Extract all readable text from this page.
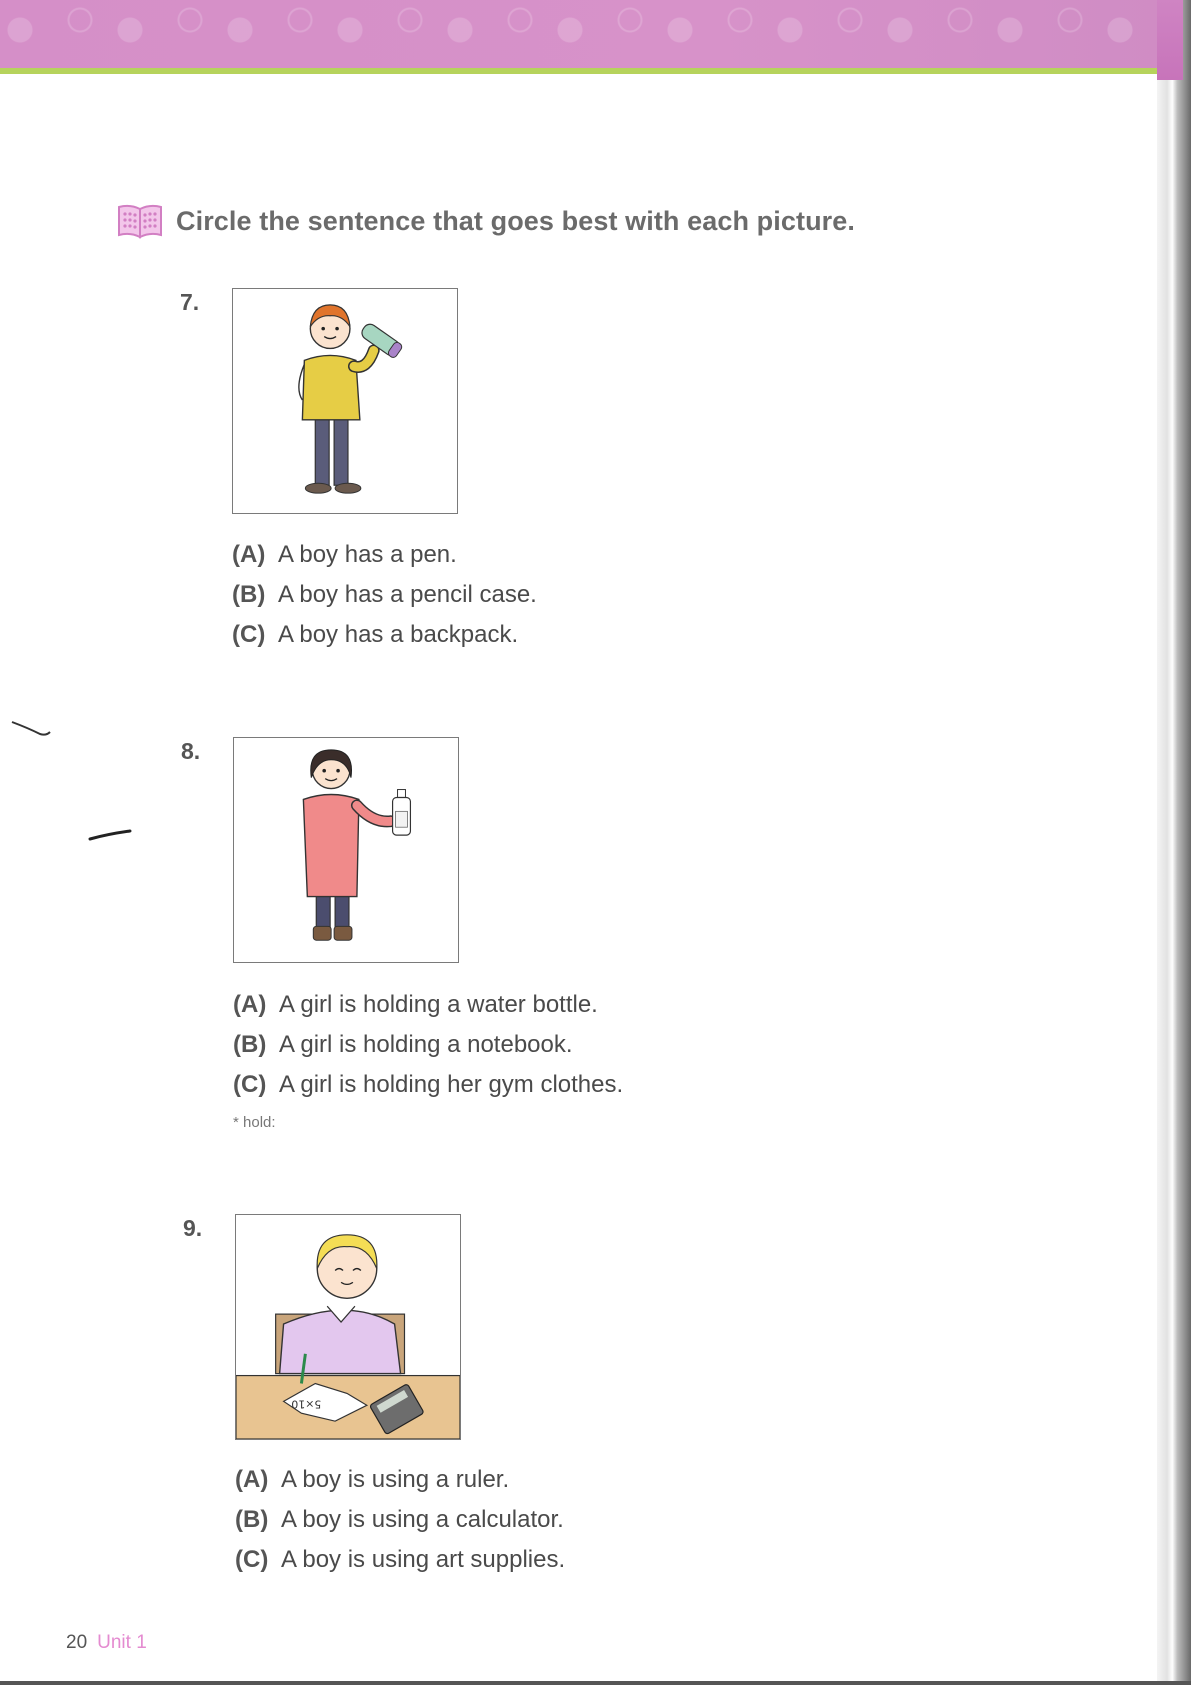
Circle the sentence that goes best with each picture.
7.
(A) A boy has a pen.
(B) A boy has a pencil case.
(C) A boy has a backpack.
8.
(A) A girl is holding a water bottle.
(B) A girl is holding a notebook.
(C) A girl is holding her gym clothes.
* hold:
9.
5×10
(A) A boy is using a ruler.
(B) A boy is using a calculator.
(C) A boy is using art supplies.
20 Unit 1
